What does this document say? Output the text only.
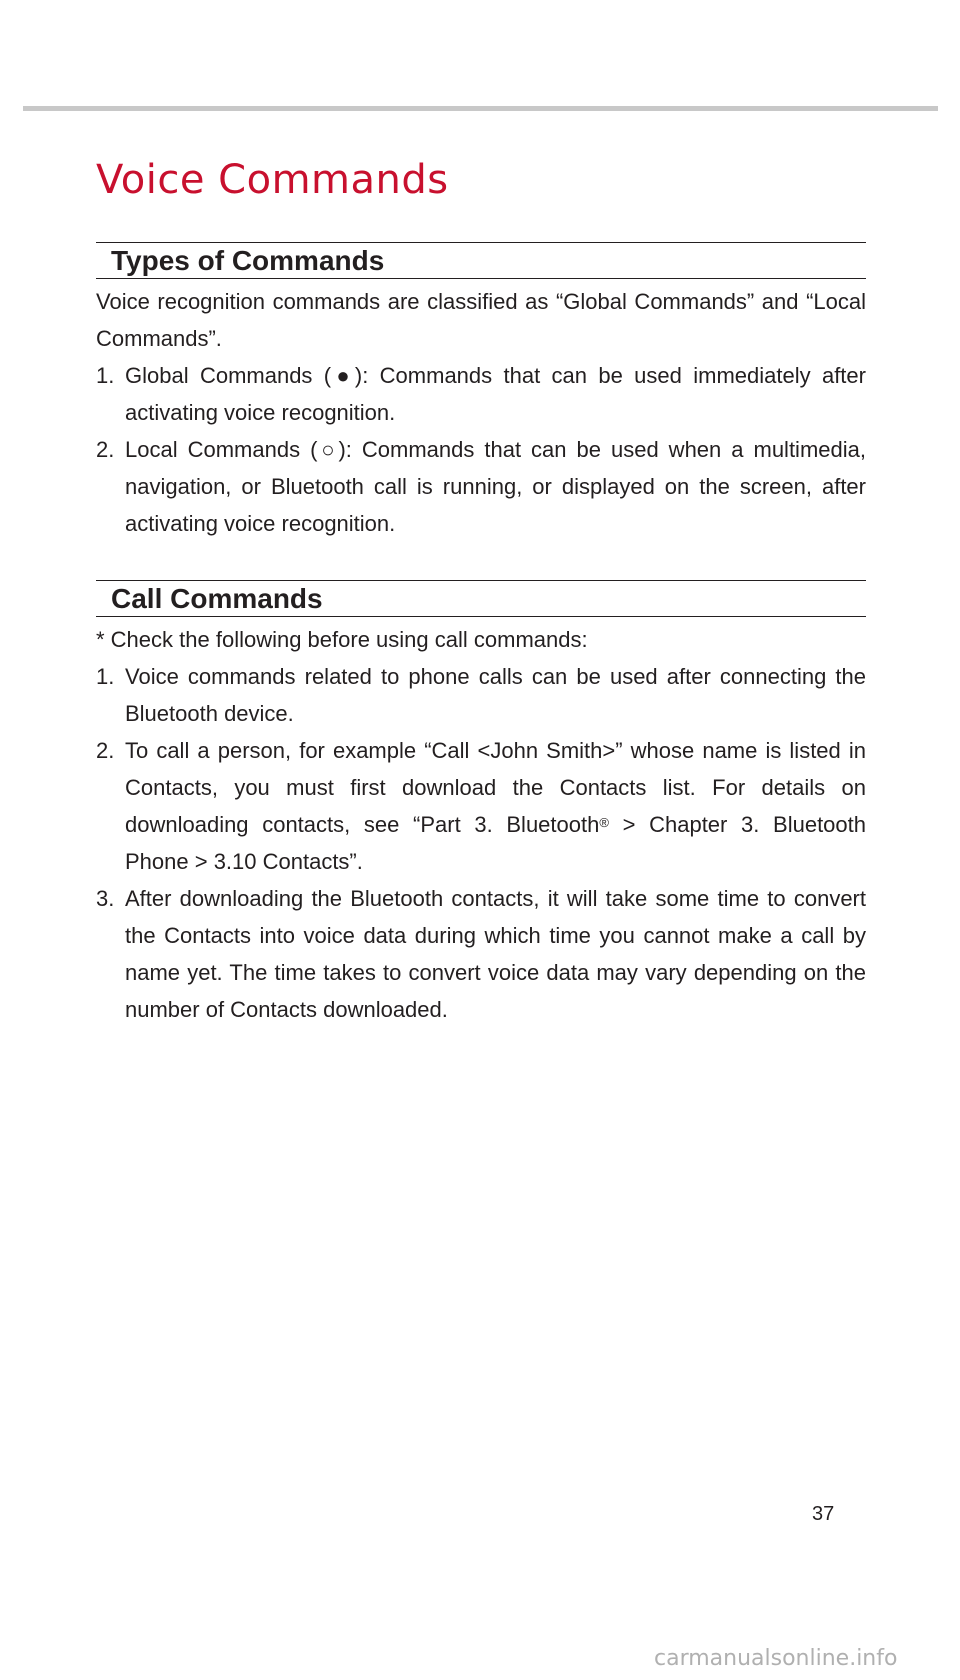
Voice Commands
Types of Commands

Voice recognition commands are classified as “Global Commands” and “Local Commands”.

1. Global Commands (●): Commands that can be used immediately after activating voice recognition.
2. Local Commands (○): Commands that can be used when a multimedia, navigation, or Bluetooth call is running, or displayed on the screen, after activating voice recognition.
Call Commands

* Check the following before using call commands:

1. Voice commands related to phone calls can be used after connecting the Bluetooth device.
2. To call a person, for example “Call <John Smith>” whose name is listed in Contacts, you must first download the Contacts list. For details on downloading contacts, see “Part 3. Bluetooth® > Chapter 3. Bluetooth Phone > 3.10 Contacts”.
3. After downloading the Bluetooth contacts, it will take some time to convert the Contacts into voice data during which time you cannot make a call by name yet. The time takes to convert voice data may vary depending on the number of Contacts downloaded.
37
carmanualsonline.info
